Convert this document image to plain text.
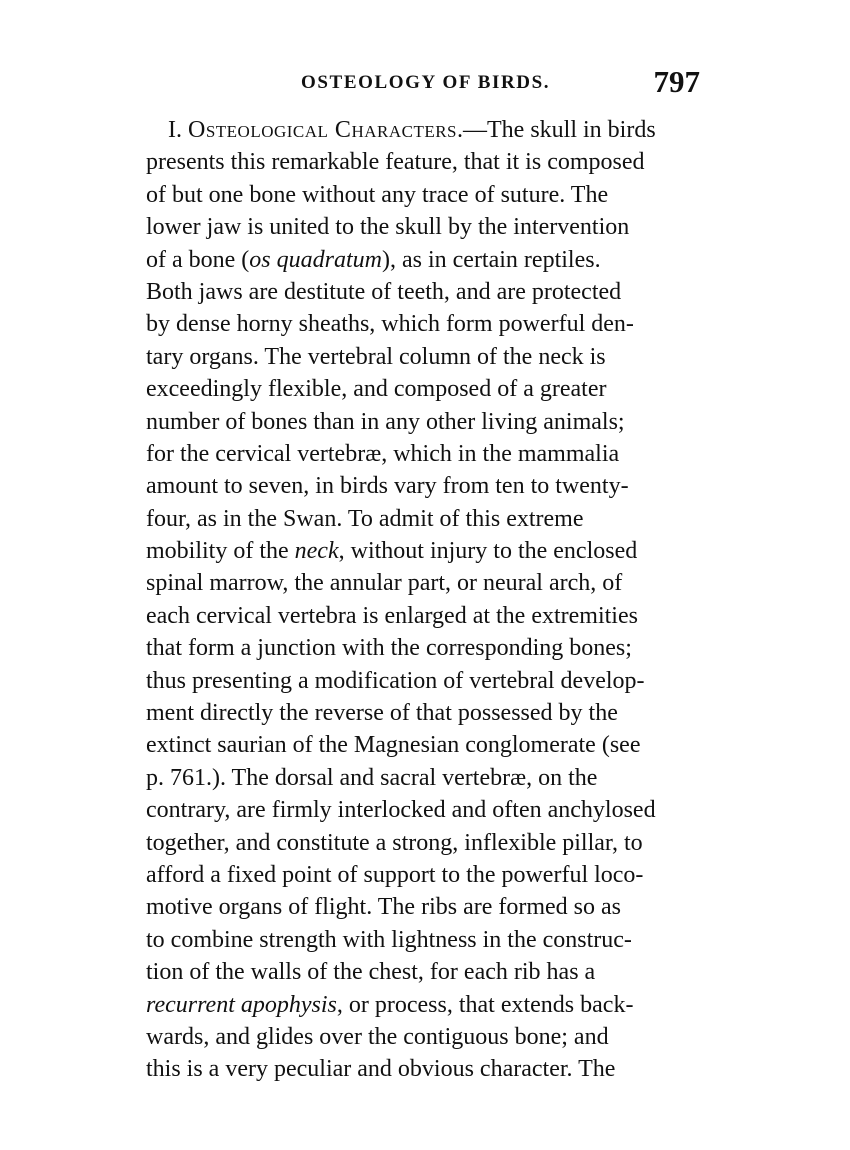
OSTEOLOGY OF BIRDS.	797
I. Osteological Characters.—The skull in birds
presents this remarkable feature, that it is composed
of but one bone without any trace of suture. The
lower jaw is united to the skull by the intervention
of a bone (os quadratum), as in certain reptiles.
Both jaws are destitute of teeth, and are protected
by dense horny sheaths, which form powerful den-
tary organs. The vertebral column of the neck is
exceedingly flexible, and composed of a greater
number of bones than in any other living animals;
for the cervical vertebræ, which in the mammalia
amount to seven, in birds vary from ten to twenty-
four, as in the Swan. To admit of this extreme
mobility of the neck, without injury to the enclosed
spinal marrow, the annular part, or neural arch, of
each cervical vertebra is enlarged at the extremities
that form a junction with the corresponding bones;
thus presenting a modification of vertebral develop-
ment directly the reverse of that possessed by the
extinct saurian of the Magnesian conglomerate (see
p. 761.). The dorsal and sacral vertebræ, on the
contrary, are firmly interlocked and often anchylosed
together, and constitute a strong, inflexible pillar, to
afford a fixed point of support to the powerful loco-
motive organs of flight. The ribs are formed so as
to combine strength with lightness in the construc-
tion of the walls of the chest, for each rib has a
recurrent apophysis, or process, that extends back-
wards, and glides over the contiguous bone; and
this is a very peculiar and obvious character. The
